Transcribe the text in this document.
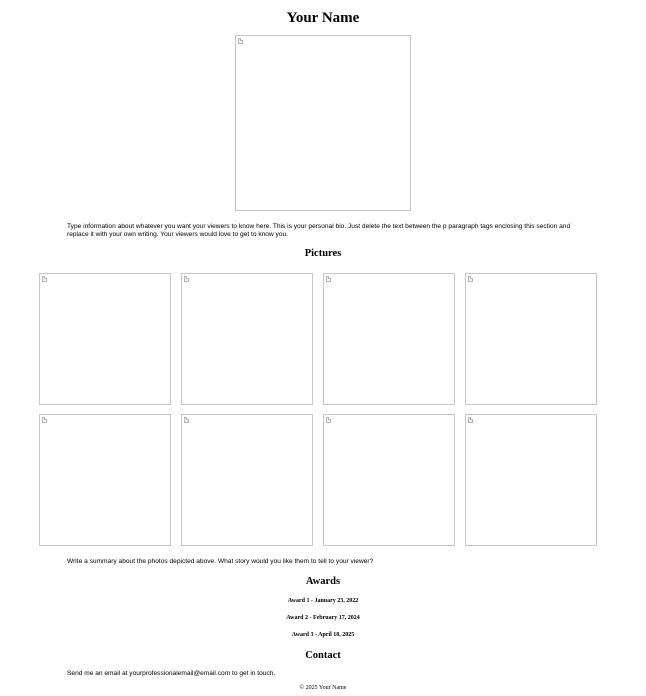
Your Name

Type information about whatever you want your viewers to know here. This is your personal bio. Just delete the text between the p paragraph tags enclosing this section and replace it with your own writing. Your viewers would love to get to know you.

Pictures

Write a summary about the photos depicted above. What story would you like them to tell to your viewer?

Awards

Award 1 - January 23, 2022

Award 2 - February 17, 2024

Award 3 - April 18, 2025

Contact

Send me an email at yourprofessionalemail@email.com to get in touch.

© 2025 Your Name
